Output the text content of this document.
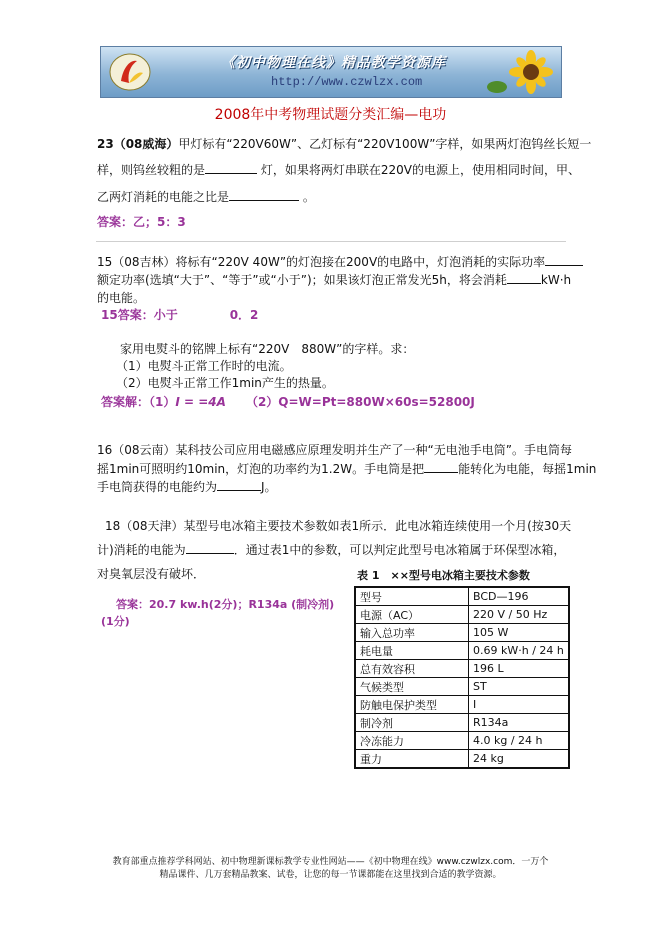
《初中物理在线》精品教学资源库
http://www.czwlzx.com
2008年中考物理试题分类汇编—电功
23（08威海）甲灯标有“220V60W”、乙灯标有“220V100W”字样，如果两灯泡钨丝长短一
样，则钨丝较粗的是	灯，如果将两灯串联在220V的电源上，使用相同时间，甲、
乙两灯消耗的电能之比是	。
答案：乙；5：3
15（08吉林）将标有“220V 40W”的灯泡接在200V的电路中，灯泡消耗的实际功率
额定功率(选填“大于”、“等于”或“小于”)；如果该灯泡正常发光5h，将会消耗	kW·h
的电能。
15答案：小于	0．2
家用电熨斗的铭牌上标有“220V　880W”的字样。求：
（1）电熨斗正常工作时的电流。
（2）电熨斗正常工作1min产生的热量。
答案解：（1）I = =4A （2）Q=W=Pt=880W×60s=52800J
16（08云南）某科技公司应用电磁感应原理发明并生产了一种“无电池手电筒”。手电筒每
摇1min可照明约10min，灯泡的功率约为1.2W。手电筒是把	能转化为电能，每摇1min
手电筒获得的电能约为	J。
18（08天津）某型号电冰箱主要技术参数如表1所示．此电冰箱连续使用一个月(按30天
计)消耗的电能为	．通过表1中的参数，可以判定此型号电冰箱属于环保型冰箱，
对臭氧层没有破坏．
答案：20.7 kw.h(2分)；R134a (制冷剂)
(1分)
表 1　××型号电冰箱主要技术参数
型号	BCD—196
电源（AC）	220 V / 50 Hz
输入总功率	105 W
耗电量	0.69 kW·h / 24 h
总有效容积	196 L
气候类型	ST
防触电保护类型	Ⅰ
制冷剂	R134a
冷冻能力	4.0 kg / 24 h
重力	24 kg
教育部重点推荐学科网站、初中物理新课标教学专业性网站——《初中物理在线》www.czwlzx.com．一万个
精品课件、几万套精品教案、试卷，让您的每一节课都能在这里找到合适的教学资源。
